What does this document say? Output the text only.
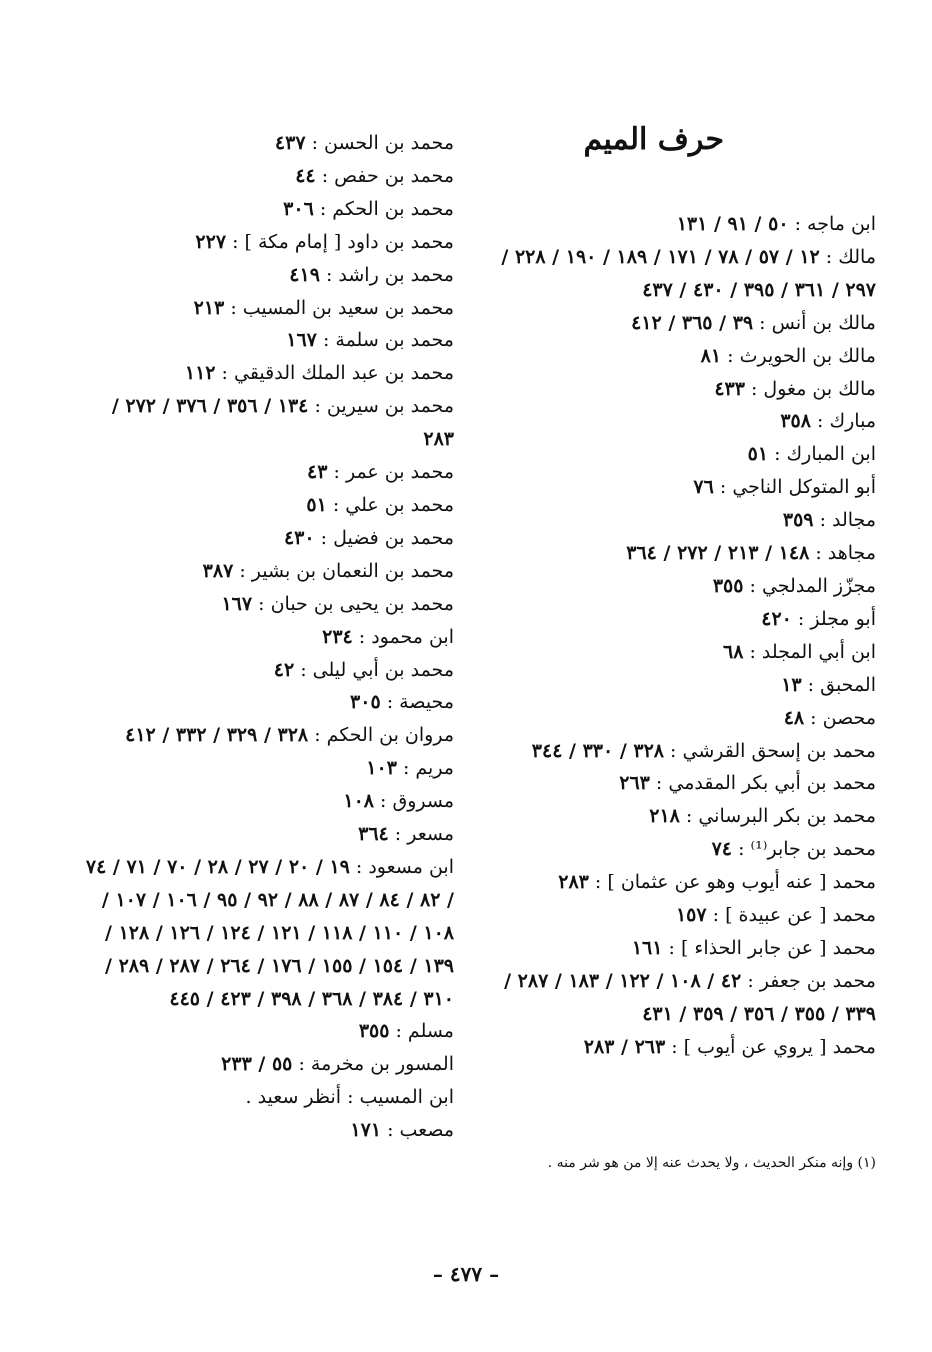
حرف الميم
ابن ماجه : ٥٠ / ٩١ / ١٣١
مالك : ١٢ / ٥٧ / ٧٨ / ١٧١ / ١٨٩ / ١٩٠ / ٢٢٨ / ٢٩٧ / ٣٦١ / ٣٩٥ / ٤٣٠ / ٤٣٧
مالك بن أنس : ٣٩ / ٣٦٥ / ٤١٢
مالك بن الحويرث : ٨١
مالك بن مغول : ٤٣٣
مبارك : ٣٥٨
ابن المبارك : ٥١
أبو المتوكل الناجي : ٧٦
مجالد : ٣٥٩
مجاهد : ١٤٨ / ٢١٣ / ٢٧٢ / ٣٦٤
مجزّز المدلجي : ٣٥٥
أبو مجلز : ٤٢٠
ابن أبي المجلد : ٦٨
المحبق : ١٣
محصن : ٤٨
محمد بن إسحق القرشي : ٣٢٨ / ٣٣٠ / ٣٤٤
محمد بن أبي بكر المقدمي : ٢٦٣
محمد بن بكر البرساني : ٢١٨
محمد بن جابر⁽¹⁾ : ٧٤
محمد [ عنه أيوب وهو عن عثمان ] : ٢٨٣
محمد [ عن عبيدة ] : ١٥٧
محمد [ عن جابر الحذاء ] : ١٦١
محمد بن جعفر : ٤٢ / ١٠٨ / ١٢٢ / ١٨٣ / ٢٨٧ / ٣٣٩ / ٣٥٥ / ٣٥٦ / ٣٥٩ / ٤٣١
محمد [ يروي عن أيوب ] : ٢٦٣ / ٢٨٣
محمد بن الحسن : ٤٣٧
محمد بن حفص : ٤٤
محمد بن الحكم : ٣٠٦
محمد بن داود [ إمام مكة ] : ٢٢٧
محمد بن راشد : ٤١٩
محمد بن سعيد بن المسيب : ٢١٣
محمد بن سلمة : ١٦٧
محمد بن عبد الملك الدقيقي : ١١٢
محمد بن سيرين : ١٣٤ / ٣٥٦ / ٣٧٦ / ٢٧٢ / ٢٨٣
محمد بن عمر : ٤٣
محمد بن علي : ٥١
محمد بن فضيل : ٤٣٠
محمد بن النعمان بن بشير : ٣٨٧
محمد بن يحيى بن حبان : ١٦٧
ابن محمود : ٢٣٤
محمد بن أبي ليلى : ٤٢
محيصة : ٣٠٥
مروان بن الحكم : ٣٢٨ / ٣٢٩ / ٣٣٢ / ٤١٢
مريم : ١٠٣
مسروق : ١٠٨
مسعر : ٣٦٤
ابن مسعود : ١٩ / ٢٠ / ٢٧ / ٢٨ / ٧٠ / ٧١ / ٧٤ / ٨٢ / ٨٤ / ٨٧ / ٨٨ / ٩٢ / ٩٥ / ١٠٦ / ١٠٧ / ١٠٨ / ١١٠ / ١١٨ / ١٢١ / ١٢٤ / ١٢٦ / ١٢٨ / ١٣٩ / ١٥٤ / ١٥٥ / ١٧٦ / ٢٦٤ / ٢٨٧ / ٢٨٩ / ٣١٠ / ٣٨٤ / ٣٦٨ / ٣٩٨ / ٤٢٣ / ٤٤٥
مسلم : ٣٥٥
المسور بن مخرمة : ٥٥ / ٢٣٣
ابن المسيب : أنظر سعيد .
مصعب : ١٧١
(١) وإنه منكر الحديث ، ولا يحدث عنه إلا من هو شر منه .
– ٤٧٧ –
